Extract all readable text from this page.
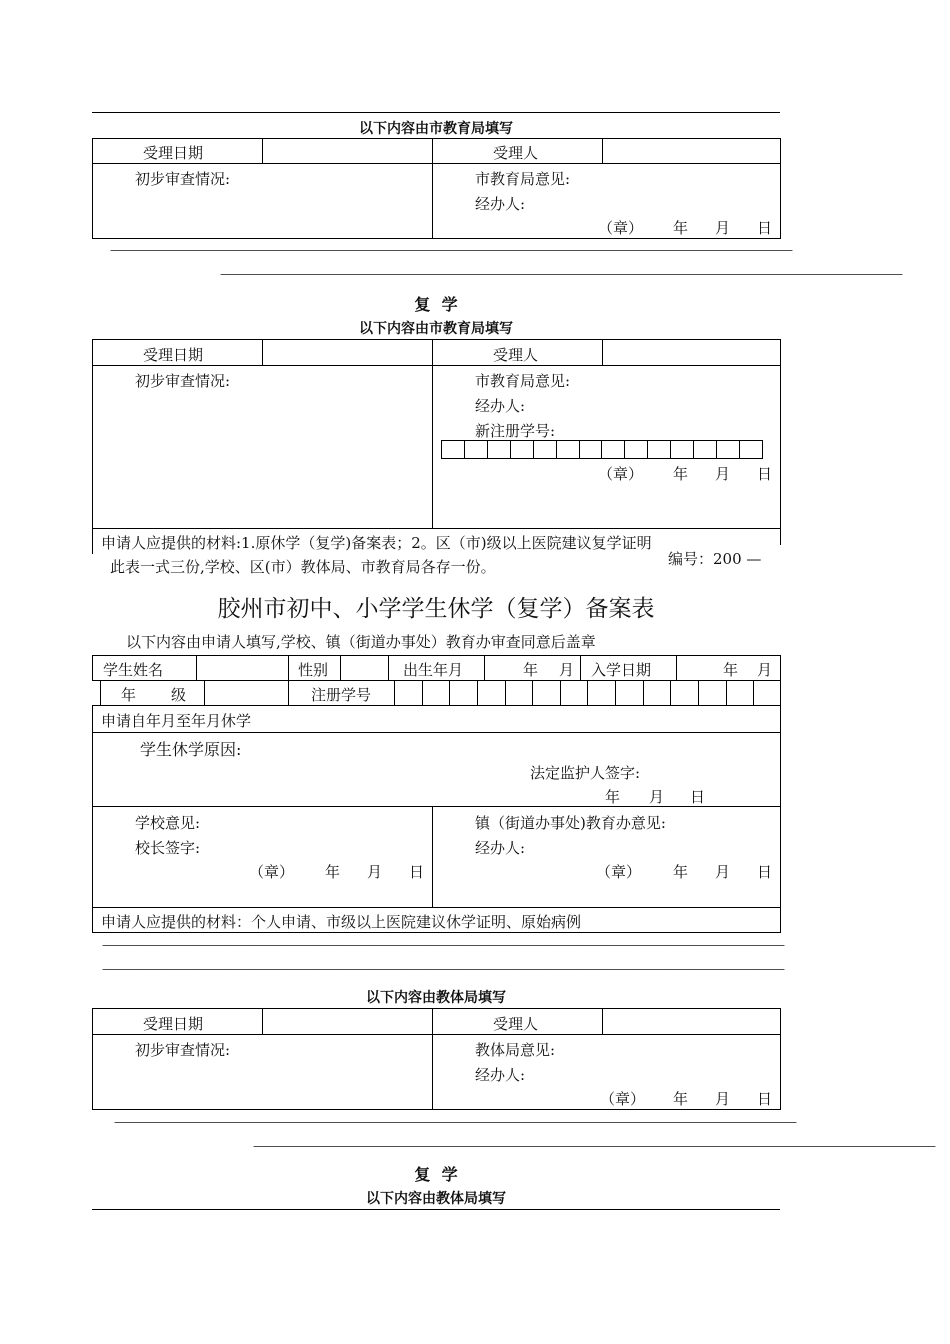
以下内容由市教育局填写
受理日期	受理人
初步审查情况:	市教育局意见:
经办人:
（章） 年 月 日
——————————————————————————————————————————————————————————————
——————————————————————————————————————————————————————————————
复  学
以下内容由市教育局填写
受理日期	受理人
初步审查情况:	市教育局意见:
经办人:
新注册学号:
（章） 年 月 日
申请人应提供的材料:1.原休学（复学)备案表；2。区（市)级以上医院建议复学证明
编号：200 —
此表一式三份,学校、区(市）教体局、市教育局各存一份。
胶州市初中、小学学生休学（复学）备案表
以下内容由申请人填写,学校、镇（街道办事处）教育办审查同意后盖章
学生姓名	性别	出生年月	年 月 入学日期	年 月
年 级	注册学号
申请自年月至年月休学
学生休学原因:
法定监护人签字:
年 月 日
学校意见:
校长签字:
（章） 年 月 日
镇（街道办事处)教育办意见:
经办人:
（章） 年 月 日
申请人应提供的材料：个人申请、市级以上医院建议休学证明、原始病例
——————————————————————————————————————————————————————————————
——————————————————————————————————————————————————————————————
以下内容由教体局填写
受理日期	受理人
初步审查情况:	教体局意见:
经办人:
（章） 年 月 日
——————————————————————————————————————————————————————————————
——————————————————————————————————————————————————————————————
复  学
以下内容由教体局填写
